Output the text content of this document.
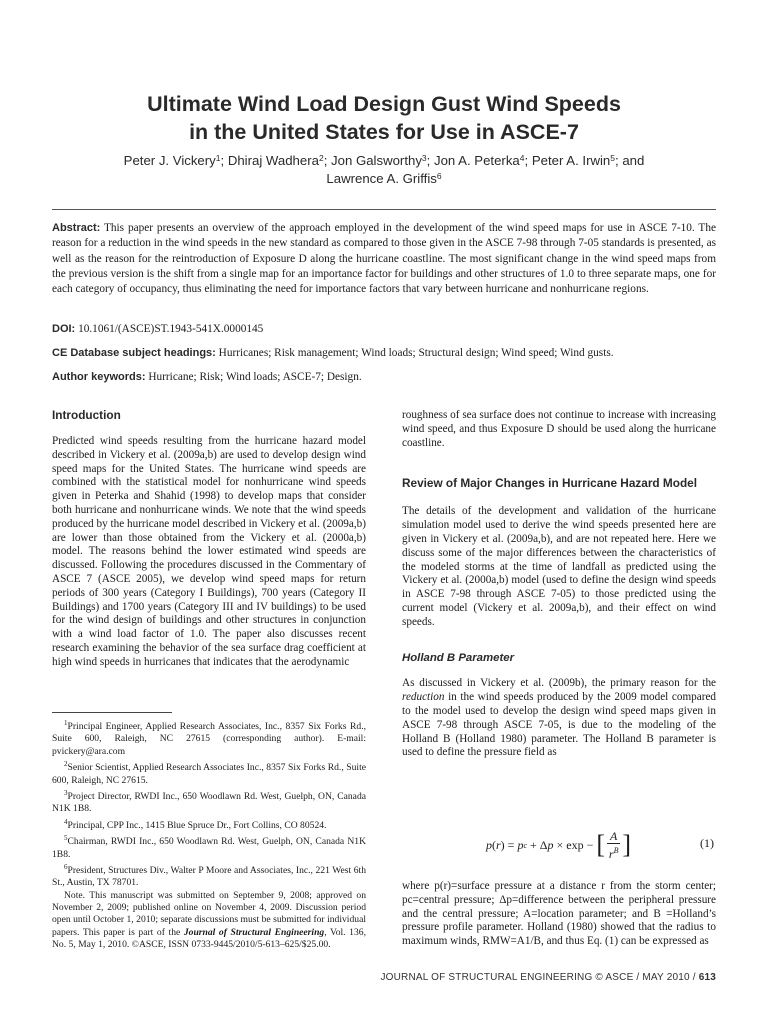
Ultimate Wind Load Design Gust Wind Speeds
in the United States for Use in ASCE-7
Peter J. Vickery$^1$; Dhiraj Wadhera$^2$; Jon Galsworthy$^3$; Jon A. Peterka$^4$; Peter A. Irwin$^5$; and
Lawrence A. Griffis$^6$
Abstract: This paper presents an overview of the approach employed in the development of the wind speed maps for use in ASCE 7-10. The reason for a reduction in the wind speeds in the new standard as compared to those given in the ASCE 7-98 through 7-05 standards is presented, as well as the reason for the reintroduction of Exposure D along the hurricane coastline. The most significant change in the wind speed maps from the previous version is the shift from a single map for an importance factor for buildings and other structures of 1.0 to three separate maps, one for each category of occupancy, thus eliminating the need for importance factors that vary between hurricane and nonhurricane regions.
DOI: 10.1061/(ASCE)ST.1943-541X.0000145
CE Database subject headings: Hurricanes; Risk management; Wind loads; Structural design; Wind speed; Wind gusts.
Author keywords: Hurricane; Risk; Wind loads; ASCE-7; Design.

Introduction

Predicted wind speeds resulting from the hurricane hazard model described in Vickery et al. (2009a,b) are used to develop design wind speed maps for the United States. The hurricane wind speeds are combined with the statistical model for nonhurricane wind speeds given in Peterka and Shahid (1998) to develop maps that consider both hurricane and nonhurricane winds. We note that the wind speeds produced by the hurricane model described in Vickery et al. (2009a,b) are lower than those obtained from the Vickery et al. (2000a,b) model. The reasons behind the lower estimated wind speeds are discussed. Following the procedures discussed in the Commentary of ASCE 7 (ASCE 2005), we develop wind speed maps for return periods of 300 years (Category I Buildings), 700 years (Category II Buildings) and 1700 years (Category III and IV buildings) to be used for the wind design of buildings and other structures in conjunction with a wind load factor of 1.0. The paper also discusses recent research examining the behavior of the sea surface drag coefficient at high wind speeds in hurricanes that indicates that the aerodynamic

$^1$Principal Engineer, Applied Research Associates, Inc., 8357 Six Forks Rd., Suite 600, Raleigh, NC 27615 (corresponding author). E-mail: pvickery@ara.com

$^2$Senior Scientist, Applied Research Associates Inc., 8357 Six Forks Rd., Suite 600, Raleigh, NC 27615.

$^3$Project Director, RWDI Inc., 650 Woodlawn Rd. West, Guelph, ON, Canada N1K 1B8.

$^4$Principal, CPP Inc., 1415 Blue Spruce Dr., Fort Collins, CO 80524.

$^5$Chairman, RWDI Inc., 650 Woodlawn Rd. West, Guelph, ON, Canada N1K 1B8.

$^6$President, Structures Div., Walter P Moore and Associates, Inc., 221 West 6th St., Austin, TX 78701.

Note. This manuscript was submitted on September 9, 2008; approved on November 2, 2009; published online on November 4, 2009. Discussion period open until October 1, 2010; separate discussions must be submitted for individual papers. This paper is part of the Journal of Structural Engineering, Vol. 136, No. 5, May 1, 2010. ©ASCE, ISSN 0733-9445/2010/5-613–625/$25.00.

roughness of sea surface does not continue to increase with increasing wind speed, and thus Exposure D should be used along the hurricane coastline.

Review of Major Changes in Hurricane Hazard Model

The details of the development and validation of the hurricane simulation model used to derive the wind speeds presented here are given in Vickery et al. (2009a,b), and are not repeated here. Here we discuss some of the major differences between the characteristics of the modeled storms at the time of landfall as predicted using the Vickery et al. (2000a,b) model (used to define the design wind speeds in ASCE 7-98 through ASCE 7-05) to those predicted using the current model (Vickery et al. 2009a,b), and their effect on wind speeds.

Holland B Parameter

As discussed in Vickery et al. (2009b), the primary reason for the reduction in the wind speeds produced by the 2009 model compared to the model used to develop the design wind speed maps given in ASCE 7-98 through ASCE 7-05, is due to the modeling of the Holland B (Holland 1980) parameter. The Holland B parameter is used to define the pressure field as

p ( r ) = p c + Δ p × exp − [ $\frac{A}{r^B}$ ]	(1)

where p(r)=surface pressure at a distance r from the storm center; pc=central pressure; Δp=difference between the peripheral pressure and the central pressure; A=location parameter; and B =Holland’s pressure profile parameter. Holland (1980) showed that the radius to maximum winds, RMW=A1/B, and thus Eq. (1) can be expressed as

JOURNAL OF STRUCTURAL ENGINEERING © ASCE / MAY 2010 / 613
